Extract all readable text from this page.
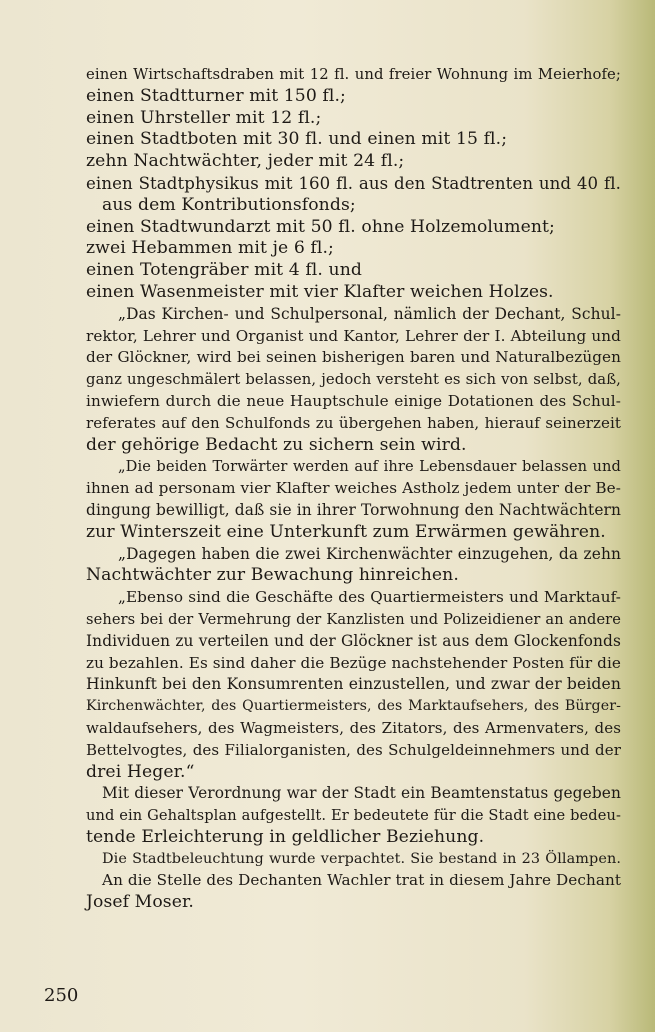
einen Wirtschaftsdraben mit 12 fl. und freier Wohnung im Meierhofe;

einen Stadtturner mit 150 fl.;

einen Uhrsteller mit 12 fl.;

einen Stadtboten mit 30 fl. und einen mit 15 fl.;

zehn Nachtwächter, jeder mit 24 fl.;

einen Stadtphysikus mit 160 fl. aus den Stadtrenten und 40 fl.

aus dem Kontributionsfonds;

einen Stadtwundarzt mit 50 fl. ohne Holzemolument;

zwei Hebammen mit je 6 fl.;

einen Totengräber mit 4 fl. und

einen Wasenmeister mit vier Klafter weichen Holzes.

„Das Kirchen- und Schulpersonal, nämlich der Dechant, Schul-

rektor, Lehrer und Organist und Kantor, Lehrer der I. Abteilung und

der Glöckner, wird bei seinen bisherigen baren und Naturalbezügen

ganz ungeschmälert belassen, jedoch versteht es sich von selbst, daß,

inwiefern durch die neue Hauptschule einige Dotationen des Schul-

referates auf den Schulfonds zu übergehen haben, hierauf seinerzeit

der gehörige Bedacht zu sichern sein wird.

„Die beiden Torwärter werden auf ihre Lebensdauer belassen und

ihnen ad personam vier Klafter weiches Astholz jedem unter der Be-

dingung bewilligt, daß sie in ihrer Torwohnung den Nachtwächtern

zur Winterszeit eine Unterkunft zum Erwärmen gewähren.

„Dagegen haben die zwei Kirchenwächter einzugehen, da zehn

Nachtwächter zur Bewachung hinreichen.

„Ebenso sind die Geschäfte des Quartiermeisters und Marktauf-

sehers bei der Vermehrung der Kanzlisten und Polizeidiener an andere

Individuen zu verteilen und der Glöckner ist aus dem Glockenfonds

zu bezahlen. Es sind daher die Bezüge nachstehender Posten für die

Hinkunft bei den Konsumrenten einzustellen, und zwar der beiden

Kirchenwächter, des Quartiermeisters, des Marktaufsehers, des Bürger-

waldaufsehers, des Wagmeisters, des Zitators, des Armenvaters, des

Bettelvogtes, des Filialorganisten, des Schulgeldeinnehmers und der

drei Heger.“

Mit dieser Verordnung war der Stadt ein Beamtenstatus gegeben

und ein Gehaltsplan aufgestellt. Er bedeutete für die Stadt eine bedeu-

tende Erleichterung in geldlicher Beziehung.

Die Stadtbeleuchtung wurde verpachtet. Sie bestand in 23 Öllampen.

An die Stelle des Dechanten Wachler trat in diesem Jahre Dechant

Josef Moser.

250
